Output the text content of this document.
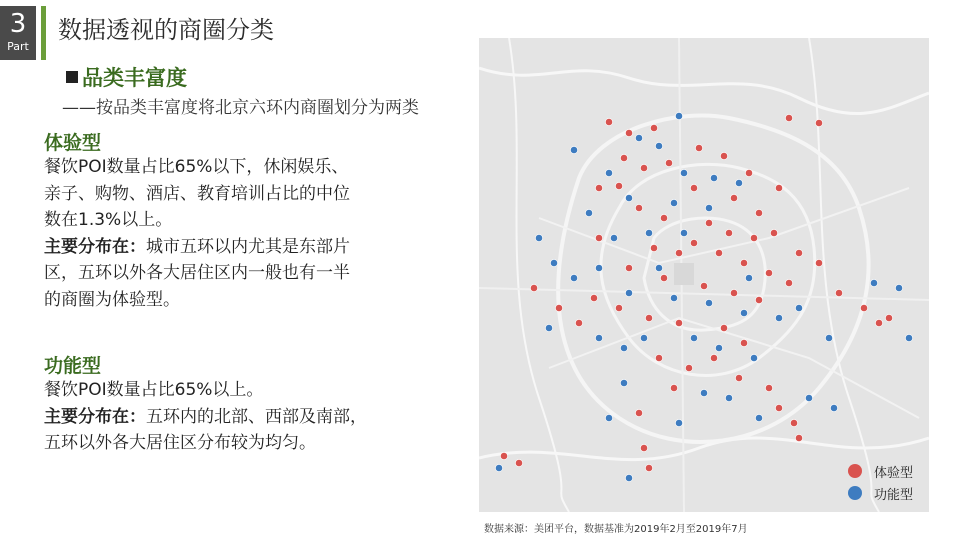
3
Part
数据透视的商圈分类
品类丰富度
——按品类丰富度将北京六环内商圈划分为两类
体验型
餐饮POI数量占比65%以下，休闲娱乐、
亲子、购物、酒店、教育培训占比的中位
数在1.3%以上。
主要分布在：城市五环以内尤其是东部片
区，五环以外各大居住区内一般也有一半
的商圈为体验型。
功能型
餐饮POI数量占比65%以上。
主要分布在：五环内的北部、西部及南部，
五环以外各大居住区分布较为均匀。
体验型
功能型
数据来源：美团平台，数据基准为2019年2月至2019年7月
